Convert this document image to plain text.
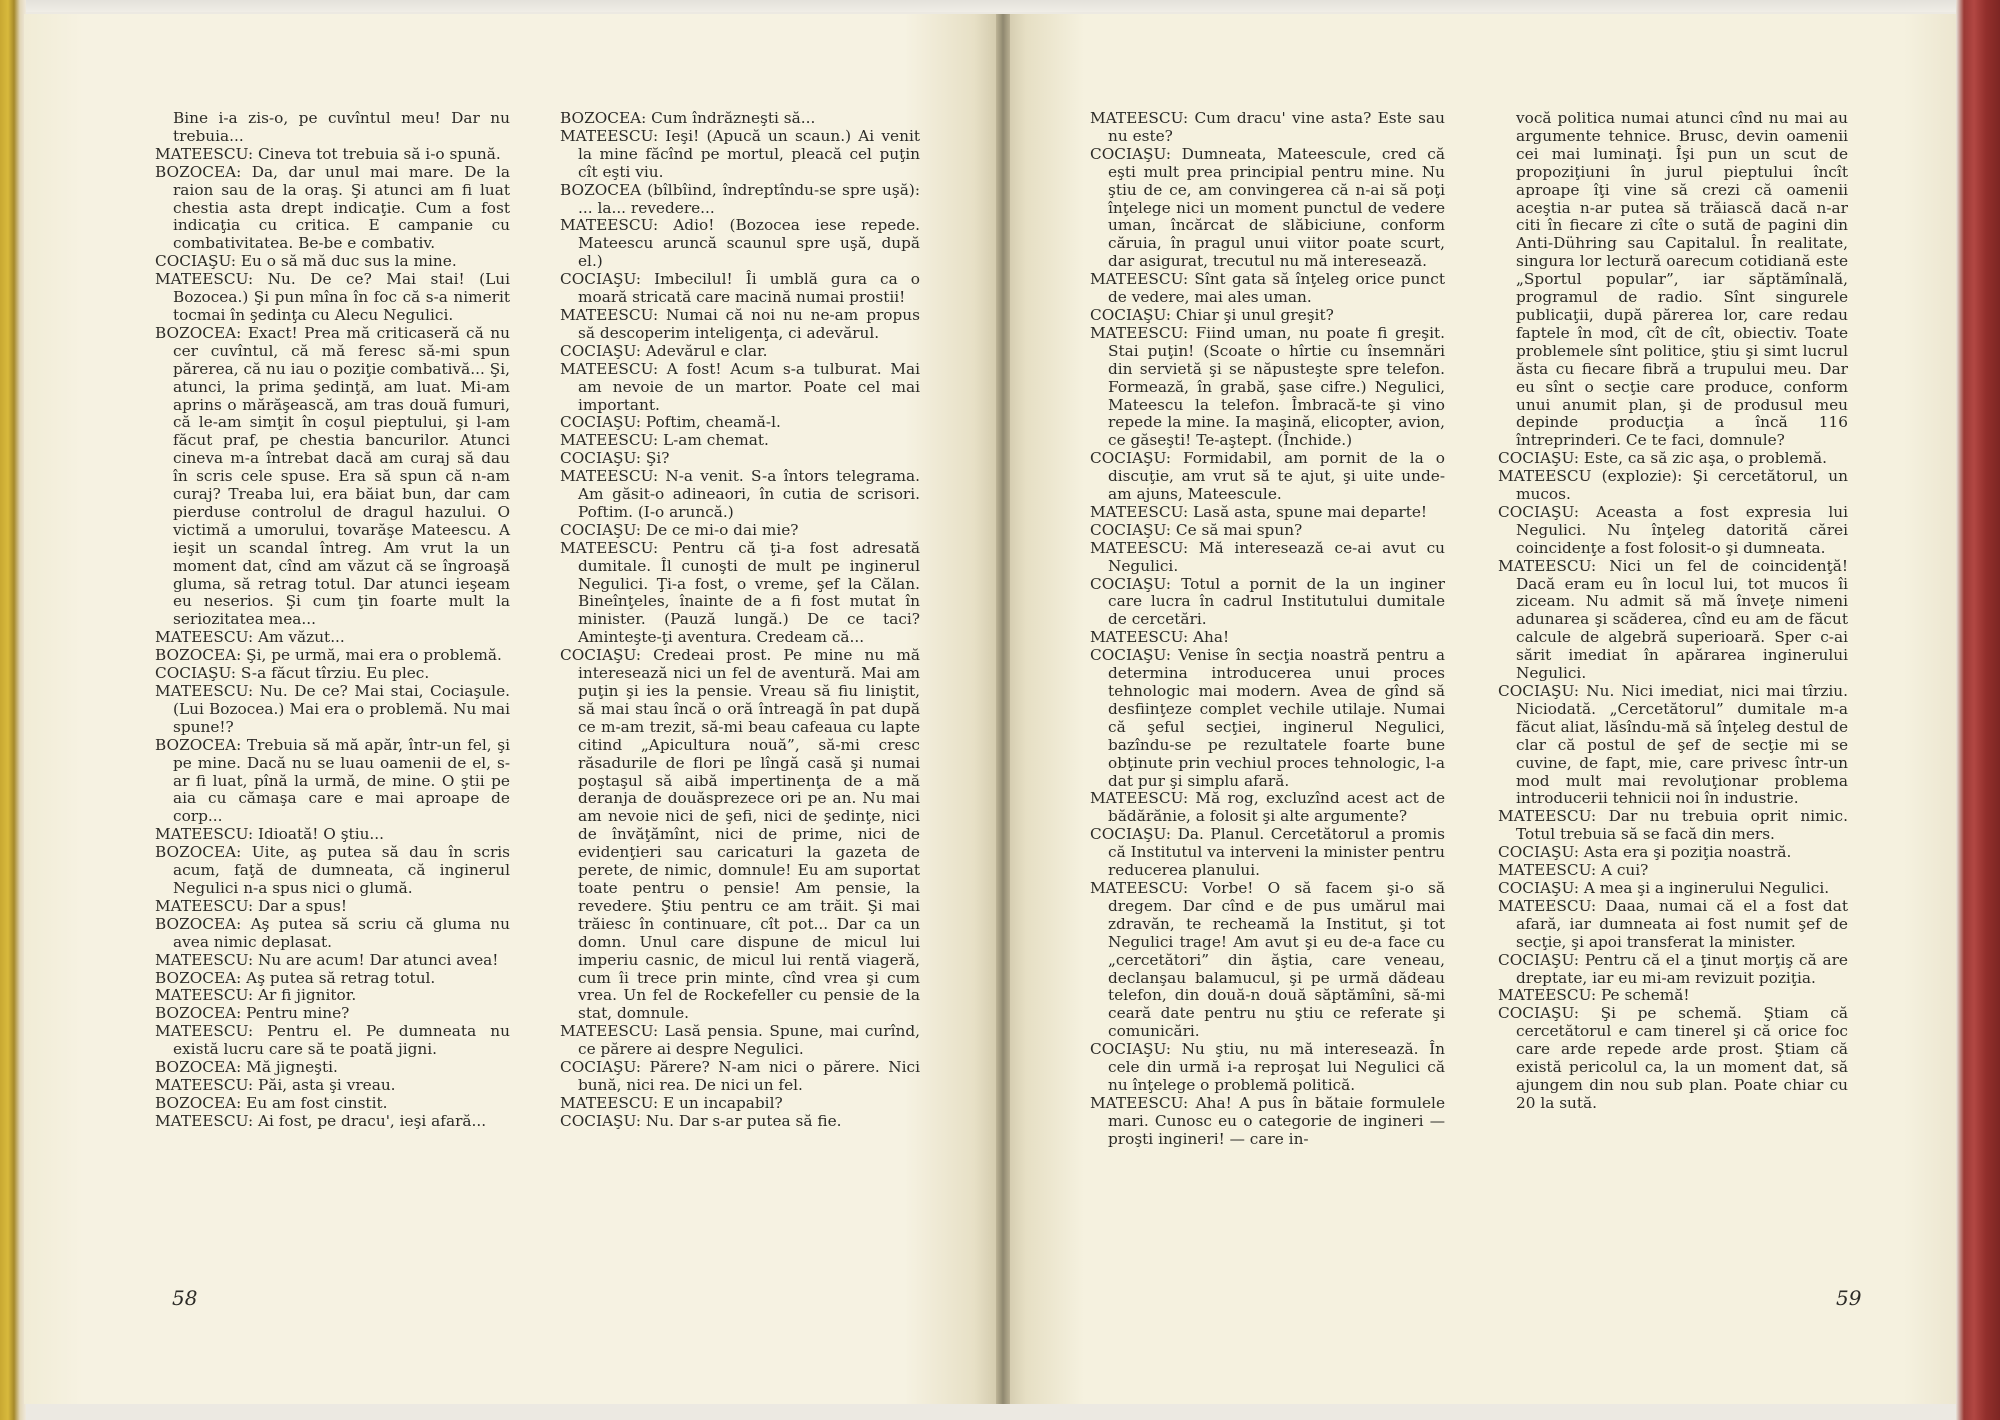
Bine i-a zis-o, pe cuvîntul meu! Dar nu trebuia...

MATEESCU: Cineva tot trebuia să i-o spună.

BOZOCEA: Da, dar unul mai mare. De la raion sau de la oraş. Şi atunci am fi luat chestia asta drept indicaţie. Cum a fost indicaţia cu critica. E campanie cu combativitatea. Be-be e combativ.

COCIAŞU: Eu o să mă duc sus la mine.

MATEESCU: Nu. De ce? Mai stai! (Lui Bozocea.) Şi pun mîna în foc că s-a nimerit tocmai în şedinţa cu Alecu Negulici.

BOZOCEA: Exact! Prea mă criticaseră că nu cer cuvîntul, că mă feresc să-mi spun părerea, că nu iau o poziţie combativă... Şi, atunci, la prima şedinţă, am luat. Mi-am aprins o mărăşească, am tras două fumuri, că le-am simţit în coşul pieptului, şi l-am făcut praf, pe chestia bancurilor. Atunci cineva m-a întrebat dacă am curaj să dau în scris cele spuse. Era să spun că n-am curaj? Treaba lui, era băiat bun, dar cam pierduse controlul de dragul hazului. O victimă a umorului, tovarăşe Mateescu. A ieşit un scandal întreg. Am vrut la un moment dat, cînd am văzut că se îngroaşă gluma, să retrag totul. Dar atunci ieşeam eu neserios. Şi cum ţin foarte mult la seriozitatea mea...

MATEESCU: Am văzut...

BOZOCEA: Şi, pe urmă, mai era o problemă.

COCIAŞU: S-a făcut tîrziu. Eu plec.

MATEESCU: Nu. De ce? Mai stai, Cociaşule. (Lui Bozocea.) Mai era o problemă. Nu mai spune!?

BOZOCEA: Trebuia să mă apăr, într-un fel, şi pe mine. Dacă nu se luau oamenii de el, s-ar fi luat, pînă la urmă, de mine. O ştii pe aia cu cămaşa care e mai aproape de corp...

MATEESCU: Idioată! O ştiu...

BOZOCEA: Uite, aş putea să dau în scris acum, faţă de dumneata, că inginerul Negulici n-a spus nici o glumă.

MATEESCU: Dar a spus!

BOZOCEA: Aş putea să scriu că gluma nu avea nimic deplasat.

MATEESCU: Nu are acum! Dar atunci avea!

BOZOCEA: Aş putea să retrag totul.

MATEESCU: Ar fi jignitor.

BOZOCEA: Pentru mine?

MATEESCU: Pentru el. Pe dumneata nu există lucru care să te poată jigni.

BOZOCEA: Mă jigneşti.

MATEESCU: Păi, asta şi vreau.

BOZOCEA: Eu am fost cinstit.

MATEESCU: Ai fost, pe dracu', ieşi afară...

BOZOCEA: Cum îndrăzneşti să...

MATEESCU: Ieşi! (Apucă un scaun.) Ai venit la mine făcînd pe mortul, pleacă cel puţin cît eşti viu.

BOZOCEA (bîlbîind, îndreptîndu-se spre uşă): ... la... revedere...

MATEESCU: Adio! (Bozocea iese repede. Mateescu aruncă scaunul spre uşă, după el.)

COCIAŞU: Imbecilul! Îi umblă gura ca o moară stricată care macină numai prostii!

MATEESCU: Numai că noi nu ne-am propus să descoperim inteligenţa, ci adevărul.

COCIAŞU: Adevărul e clar.

MATEESCU: A fost! Acum s-a tulburat. Mai am nevoie de un martor. Poate cel mai important.

COCIAŞU: Poftim, cheamă-l.

MATEESCU: L-am chemat.

COCIAŞU: Şi?

MATEESCU: N-a venit. S-a întors telegrama. Am găsit-o adineaori, în cutia de scrisori. Poftim. (I-o aruncă.)

COCIAŞU: De ce mi-o dai mie?

MATEESCU: Pentru că ţi-a fost adresată dumitale. Îl cunoşti de mult pe inginerul Negulici. Ţi-a fost, o vreme, şef la Călan. Bineînţeles, înainte de a fi fost mutat în minister. (Pauză lungă.) De ce taci? Aminteşte-ţi aventura. Credeam că...

COCIAŞU: Credeai prost. Pe mine nu mă interesează nici un fel de aventură. Mai am puţin şi ies la pensie. Vreau să fiu liniştit, să mai stau încă o oră întreagă în pat după ce m-am trezit, să-mi beau cafeaua cu lapte citind „Apicultura nouă”, să-mi cresc răsadurile de flori pe lîngă casă şi numai poştaşul să aibă impertinenţa de a mă deranja de douăsprezece ori pe an. Nu mai am nevoie nici de şefi, nici de şedinţe, nici de învăţămînt, nici de prime, nici de evidenţieri sau caricaturi la gazeta de perete, de nimic, domnule! Eu am suportat toate pentru o pensie! Am pensie, la revedere. Ştiu pentru ce am trăit. Şi mai trăiesc în continuare, cît pot... Dar ca un domn. Unul care dispune de micul lui imperiu casnic, de micul lui rentă viageră, cum îi trece prin minte, cînd vrea şi cum vrea. Un fel de Rockefeller cu pensie de la stat, domnule.

MATEESCU: Lasă pensia. Spune, mai curînd, ce părere ai despre Negulici.

COCIAŞU: Părere? N-am nici o părere. Nici bună, nici rea. De nici un fel.

MATEESCU: E un incapabil?

COCIAŞU: Nu. Dar s-ar putea să fie.

MATEESCU: Cum dracu' vine asta? Este sau nu este?

COCIAŞU: Dumneata, Mateescule, cred că eşti mult prea principial pentru mine. Nu ştiu de ce, am convingerea că n-ai să poţi înţelege nici un moment punctul de vedere uman, încărcat de slăbiciune, conform căruia, în pragul unui viitor poate scurt, dar asigurat, trecutul nu mă interesează.

MATEESCU: Sînt gata să înţeleg orice punct de vedere, mai ales uman.

COCIAŞU: Chiar şi unul greşit?

MATEESCU: Fiind uman, nu poate fi greşit. Stai puţin! (Scoate o hîrtie cu însemnări din servietă şi se năpusteşte spre telefon. Formează, în grabă, şase cifre.) Negulici, Mateescu la telefon. Îmbracă-te şi vino repede la mine. Ia maşină, elicopter, avion, ce găseşti! Te-aştept. (Închide.)

COCIAŞU: Formidabil, am pornit de la o discuţie, am vrut să te ajut, şi uite unde-am ajuns, Mateescule.

MATEESCU: Lasă asta, spune mai departe!

COCIAŞU: Ce să mai spun?

MATEESCU: Mă interesează ce-ai avut cu Negulici.

COCIAŞU: Totul a pornit de la un inginer care lucra în cadrul Institutului dumitale de cercetări.

MATEESCU: Aha!

COCIAŞU: Venise în secţia noastră pentru a determina introducerea unui proces tehnologic mai modern. Avea de gînd să desfiinţeze complet vechile utilaje. Numai că şeful secţiei, inginerul Negulici, bazîndu-se pe rezultatele foarte bune obţinute prin vechiul proces tehnologic, l-a dat pur şi simplu afară.

MATEESCU: Mă rog, excluzînd acest act de bădărănie, a folosit şi alte argumente?

COCIAŞU: Da. Planul. Cercetătorul a promis că Institutul va interveni la minister pentru reducerea planului.

MATEESCU: Vorbe! O să facem şi-o să dregem. Dar cînd e de pus umărul mai zdravăn, te recheamă la Institut, şi tot Negulici trage! Am avut şi eu de-a face cu „cercetători” din ăştia, care veneau, declanşau balamucul, şi pe urmă dădeau telefon, din două-n două săptămîni, să-mi ceară date pentru nu ştiu ce referate şi comunicări.

COCIAŞU: Nu ştiu, nu mă interesează. În cele din urmă i-a reproşat lui Negulici că nu înţelege o problemă politică.

MATEESCU: Aha! A pus în bătaie formulele mari. Cunosc eu o categorie de ingineri — proşti ingineri! — care in-

vocă politica numai atunci cînd nu mai au argumente tehnice. Brusc, devin oamenii cei mai luminaţi. Îşi pun un scut de propoziţiuni în jurul pieptului încît aproape îţi vine să crezi că oamenii aceştia n-ar putea să trăiască dacă n-ar citi în fiecare zi cîte o sută de pagini din Anti-Dühring sau Capitalul. În realitate, singura lor lectură oarecum cotidiană este „Sportul popular”, iar săptămînală, programul de radio. Sînt singurele publicaţii, după părerea lor, care redau faptele în mod, cît de cît, obiectiv. Toate problemele sînt politice, ştiu şi simt lucrul ăsta cu fiecare fibră a trupului meu. Dar eu sînt o secţie care produce, conform unui anumit plan, şi de produsul meu depinde producţia a încă 116 întreprinderi. Ce te faci, domnule?

COCIAŞU: Este, ca să zic aşa, o problemă.

MATEESCU (explozie): Şi cercetătorul, un mucos.

COCIAŞU: Aceasta a fost expresia lui Negulici. Nu înţeleg datorită cărei coincidenţe a fost folosit-o şi dumneata.

MATEESCU: Nici un fel de coincidenţă! Dacă eram eu în locul lui, tot mucos îi ziceam. Nu admit să mă înveţe nimeni adunarea şi scăderea, cînd eu am de făcut calcule de algebră superioară. Sper c-ai sărit imediat în apărarea inginerului Negulici.

COCIAŞU: Nu. Nici imediat, nici mai tîrziu. Niciodată. „Cercetătorul” dumitale m-a făcut aliat, lăsîndu-mă să înţeleg destul de clar că postul de şef de secţie mi se cuvine, de fapt, mie, care privesc într-un mod mult mai revoluţionar problema introducerii tehnicii noi în industrie.

MATEESCU: Dar nu trebuia oprit nimic. Totul trebuia să se facă din mers.

COCIAŞU: Asta era şi poziţia noastră.

MATEESCU: A cui?

COCIAŞU: A mea şi a inginerului Negulici.

MATEESCU: Daaa, numai că el a fost dat afară, iar dumneata ai fost numit şef de secţie, şi apoi transferat la minister.

COCIAŞU: Pentru că el a ţinut morţiş că are dreptate, iar eu mi-am revizuit poziţia.

MATEESCU: Pe schemă!

COCIAŞU: Şi pe schemă. Ştiam că cercetătorul e cam tinerel şi că orice foc care arde repede arde prost. Ştiam că există pericolul ca, la un moment dat, să ajungem din nou sub plan. Poate chiar cu 20 la sută.

58	59
